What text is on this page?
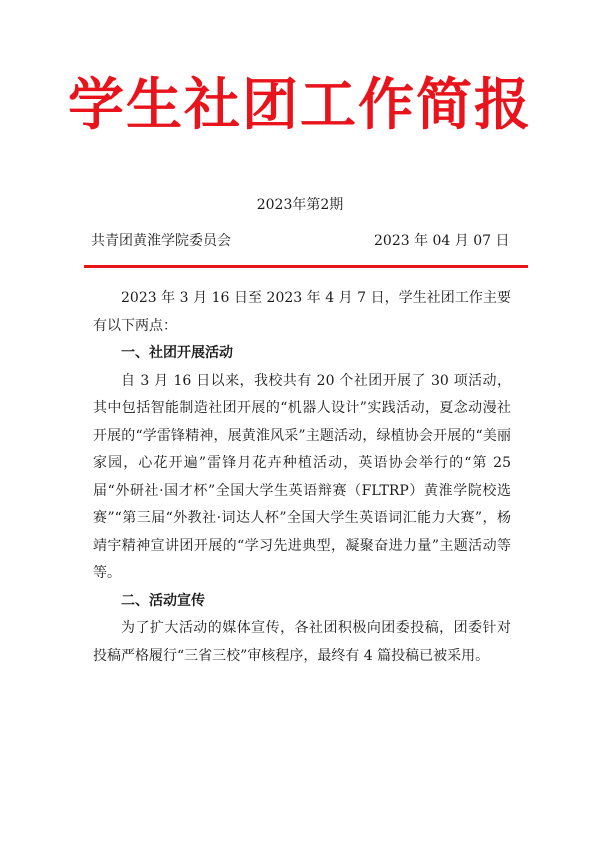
学生社团工作简报
2023年第2期
共青团黄淮学院委员会	2023 年 04 月 07 日

2023 年 3 月 16 日至 2023 年 4 月 7 日，学生社团工作主要有以下两点：

一、社团开展活动

自 3 月 16 日以来，我校共有 20 个社团开展了 30 项活动，其中包括智能制造社团开展的“机器人设计”实践活动，夏念动漫社开展的“学雷锋精神，展黄淮风采”主题活动，绿植协会开展的“美丽家园，心花开遍”雷锋月花卉种植活动，英语协会举行的“第 25 届“外研社·国才杯”全国大学生英语辩赛（FLTRP）黄淮学院校选赛”“第三届“外教社·词达人杯”全国大学生英语词汇能力大赛”，杨靖宇精神宣讲团开展的“学习先进典型，凝聚奋进力量”主题活动等等。

二、活动宣传

为了扩大活动的媒体宣传，各社团积极向团委投稿，团委针对投稿严格履行“三省三校”审核程序，最终有 4 篇投稿已被采用。
